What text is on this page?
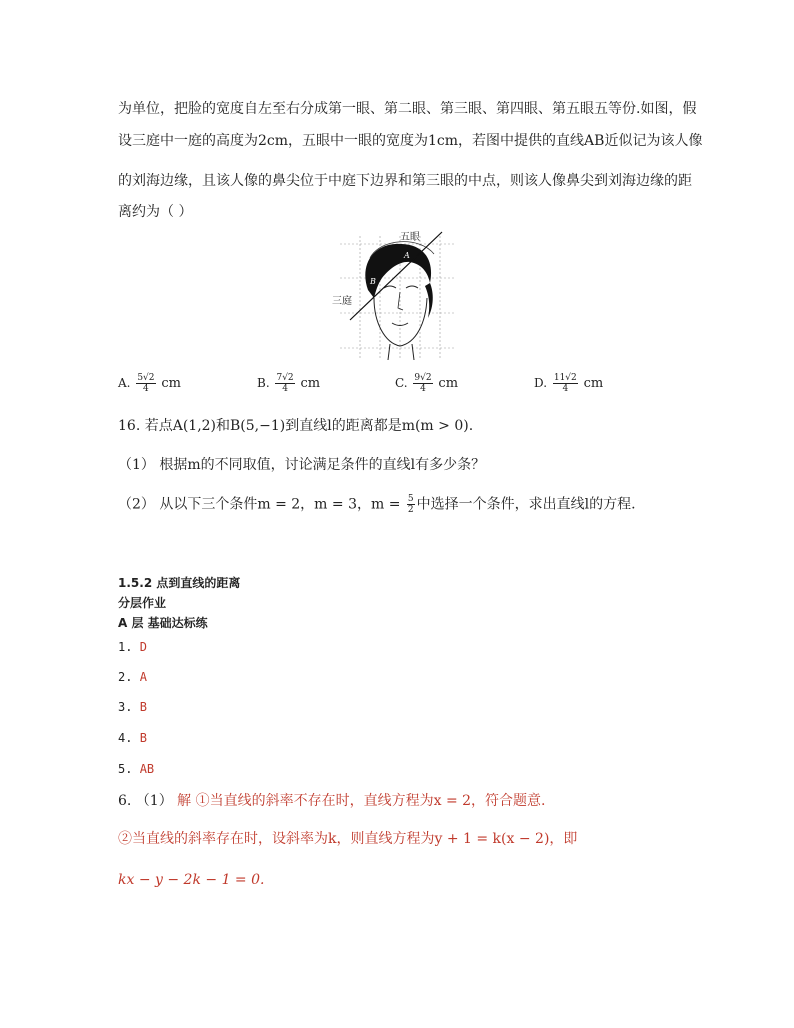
为单位，把脸的宽度自左至右分成第一眼、第二眼、第三眼、第四眼、第五眼五等份.如图，假
设三庭中一庭的高度为2cm，五眼中一眼的宽度为1cm，若图中提供的直线AB近似记为该人像
的刘海边缘，且该人像的鼻尖位于中庭下边界和第三眼的中点，则该人像鼻尖到刘海边缘的距
离约为（ ）
五眼
三庭
A
B
A. $\frac{5√2}{4}$ cm	B. $\frac{7√2}{4}$ cm	C. $\frac{9√2}{4}$ cm	D. $\frac{11√2}{4}$ cm
16. 若点A(1,2)和B(5,−1)到直线l的距离都是m(m > 0).
（1） 根据m的不同取值，讨论满足条件的直线l有多少条？
（2） 从以下三个条件m = 2，m = 3，$m = \frac{5}{2}$ 中选择一个条件，求出直线l的方程.
1.5.2 点到直线的距离
分层作业
A 层 基础达标练
1. D
2. A
3. B
4. B
5. AB
6. （1） 解 ①当直线的斜率不存在时，直线方程为x = 2，符合题意.
②当直线的斜率存在时，设斜率为k，则直线方程为y + 1 = k(x − 2)，即
kx − y − 2k − 1 = 0.
